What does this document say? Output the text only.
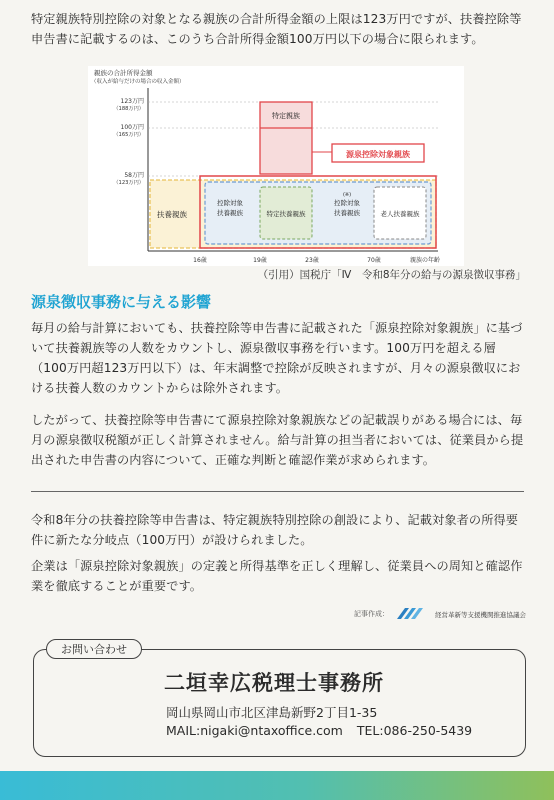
特定親族特別控除の対象となる親族の合計所得金額の上限は123万円ですが、扶養控除等申告書に記載するのは、このうち合計所得金額100万円以下の場合に限られます。

親族の合計所得金額
（収入が給与だけの場合の収入金額）
123万円
（188万円）
100万円
（165万円）
58万円
（123万円）
扶養親族
特定親族
源泉控除対象親族
控除対象
扶養親族	特定扶養親族
(※)
控除対象
扶養親族	老人扶養親族
16歳	19歳	23歳	70歳	親族の年齢
（引用）国税庁「Ⅳ　令和8年分の給与の源泉徴収事務」
源泉徴収事務に与える影響

毎月の給与計算においても、扶養控除等申告書に記載された「源泉控除対象親族」に基づいて扶養親族等の人数をカウントし、源泉徴収事務を行います。100万円を超える層（100万円超123万円以下）は、年末調整で控除が反映されますが、月々の源泉徴収における扶養人数のカウントからは除外されます。

したがって、扶養控除等申告書にて源泉控除対象親族などの記載誤りがある場合には、毎月の源泉徴収税額が正しく計算されません。給与計算の担当者においては、従業員から提出された申告書の内容について、正確な判断と確認作業が求められます。

令和8年分の扶養控除等申告書は、特定親族特別控除の創設により、記載対象者の所得要件に新たな分岐点（100万円）が設けられました。

企業は「源泉控除対象親族」の定義と所得基準を正しく理解し、従業員への周知と確認作業を徹底することが重要です。

記事作成：	経営革新等支援機関推進協議会
お問い合わせ
二垣幸広税理士事務所
岡山県岡山市北区津島新野2丁目1-35
MAIL:nigaki@ntaxoffice.com TEL:086-250-5439
